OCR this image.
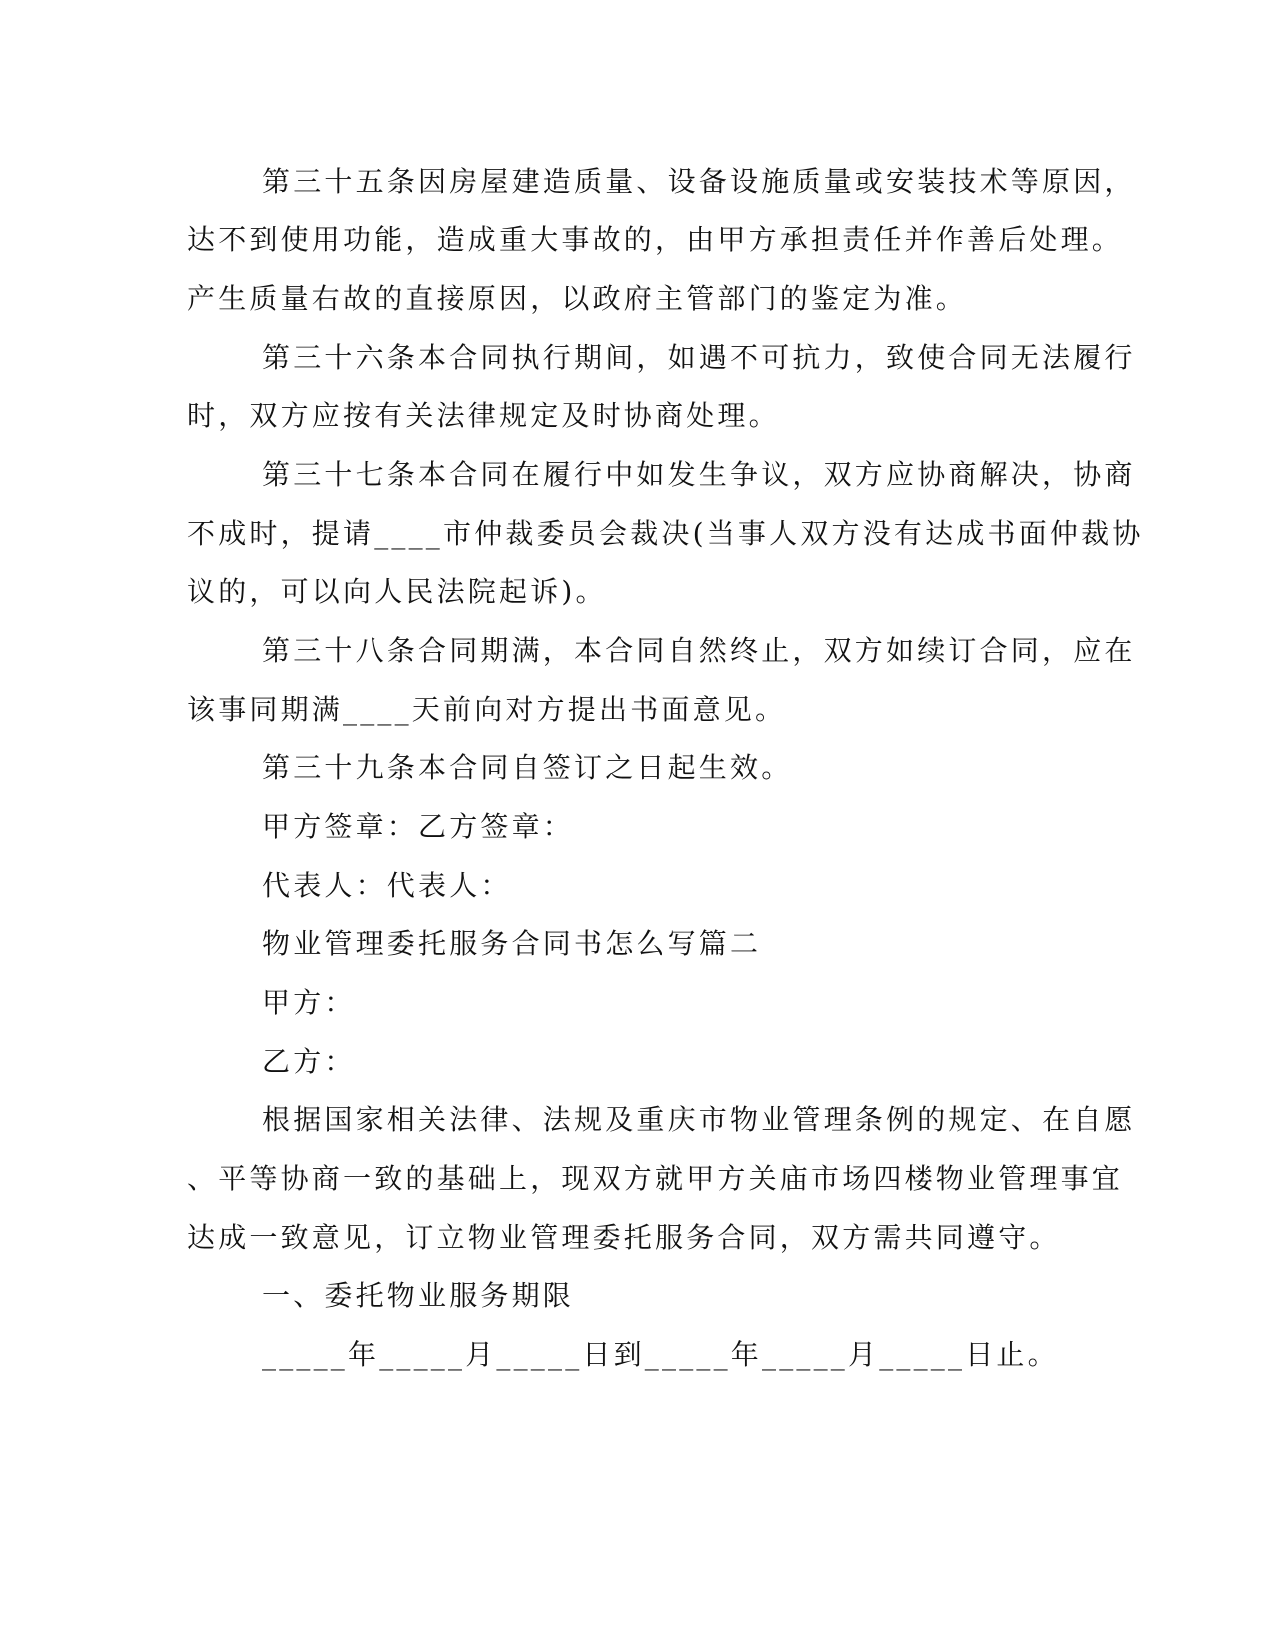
第三十五条因房屋建造质量、设备设施质量或安装技术等原因，
达不到使用功能，造成重大事故的，由甲方承担责任并作善后处理。
产生质量右故的直接原因，以政府主管部门的鉴定为准。
第三十六条本合同执行期间，如遇不可抗力，致使合同无法履行
时，双方应按有关法律规定及时协商处理。
第三十七条本合同在履行中如发生争议，双方应协商解决，协商
不成时，提请____市仲裁委员会裁决(当事人双方没有达成书面仲裁协
议的，可以向人民法院起诉)。
第三十八条合同期满，本合同自然终止，双方如续订合同，应在
该事同期满____天前向对方提出书面意见。
第三十九条本合同自签订之日起生效。
甲方签章：乙方签章：
代表人：代表人：
物业管理委托服务合同书怎么写篇二
甲方：
乙方：
根据国家相关法律、法规及重庆市物业管理条例的规定、在自愿
、平等协商一致的基础上，现双方就甲方关庙市场四楼物业管理事宜
达成一致意见，订立物业管理委托服务合同，双方需共同遵守。
一、委托物业服务期限
_____年_____月_____日到_____年_____月_____日止。
